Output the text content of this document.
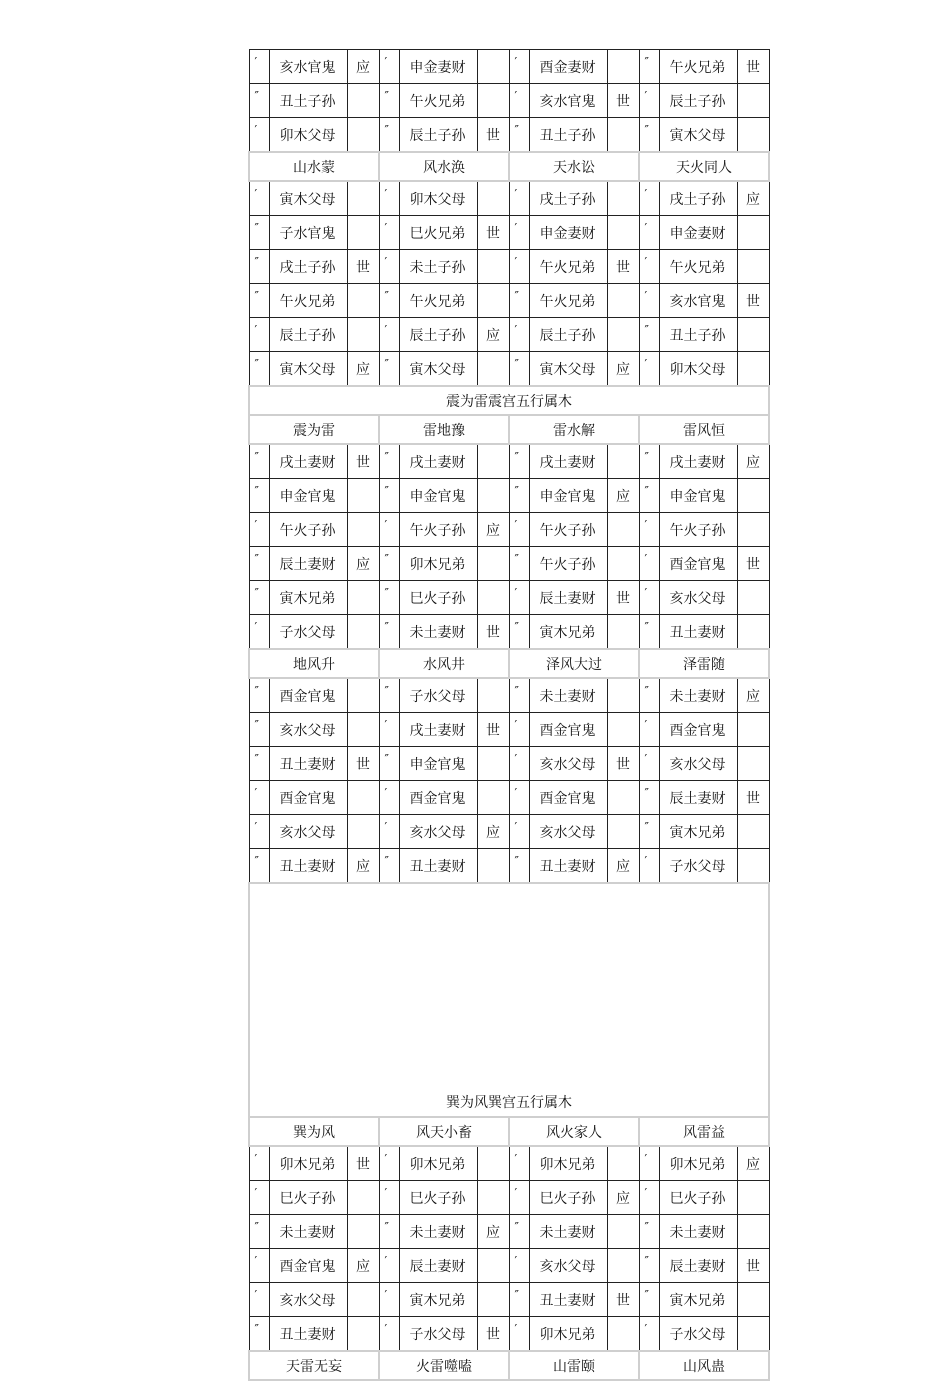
′	亥水官鬼	应	′	申金妻财		′	酉金妻财		″	午火兄弟	世
″	丑土子孙		″	午火兄弟		′	亥水官鬼	世	′	辰土子孙	
′	卯木父母		″	辰土子孙	世	″	丑土子孙		″	寅木父母	
山水蒙			风水涣			天水讼			天火同人		
′	寅木父母		′	卯木父母		′	戌土子孙		′	戌土子孙	应
″	子水官鬼		′	巳火兄弟	世	′	申金妻财		′	申金妻财	
″	戌土子孙	世	′	未土子孙		′	午火兄弟	世	′	午火兄弟	
″	午火兄弟		″	午火兄弟		″	午火兄弟		′	亥水官鬼	世
′	辰土子孙		′	辰土子孙	应	′	辰土子孙		″	丑土子孙	
″	寅木父母	应	″	寅木父母		″	寅木父母	应	′	卯木父母	
震为雷震宫五行属木											
震为雷			雷地豫			雷水解			雷风恒		
″	戌土妻财	世	″	戌土妻财		″	戌土妻财		″	戌土妻财	应
″	申金官鬼		″	申金官鬼		″	申金官鬼	应	″	申金官鬼	
′	午火子孙		′	午火子孙	应	′	午火子孙		′	午火子孙	
″	辰土妻财	应	″	卯木兄弟		″	午火子孙		′	酉金官鬼	世
″	寅木兄弟		″	巳火子孙		′	辰土妻财	世	′	亥水父母	
′	子水父母		″	未土妻财	世	″	寅木兄弟		″	丑土妻财	
地风升			水风井			泽风大过			泽雷随		
″	酉金官鬼		″	子水父母		″	未土妻财		″	未土妻财	应
″	亥水父母		′	戌土妻财	世	′	酉金官鬼		′	酉金官鬼	
″	丑土妻财	世	″	申金官鬼		′	亥水父母	世	′	亥水父母	
′	酉金官鬼		′	酉金官鬼		′	酉金官鬼		″	辰土妻财	世
′	亥水父母		′	亥水父母	应	′	亥水父母		″	寅木兄弟	
″	丑土妻财	应	″	丑土妻财		″	丑土妻财	应	′	子水父母	
巽为风巽宫五行属木											
巽为风			风天小畜			风火家人			风雷益		
′	卯木兄弟	世	′	卯木兄弟		′	卯木兄弟		′	卯木兄弟	应
′	巳火子孙		′	巳火子孙		′	巳火子孙	应	′	巳火子孙	
″	未土妻财		″	未土妻财	应	″	未土妻财		″	未土妻财	
′	酉金官鬼	应	′	辰土妻财		′	亥水父母		″	辰土妻财	世
′	亥水父母		′	寅木兄弟		″	丑土妻财	世	″	寅木兄弟	
″	丑土妻财		′	子水父母	世	′	卯木兄弟		′	子水父母	
天雷无妄			火雷噬嗑			山雷颐			山风蛊		
